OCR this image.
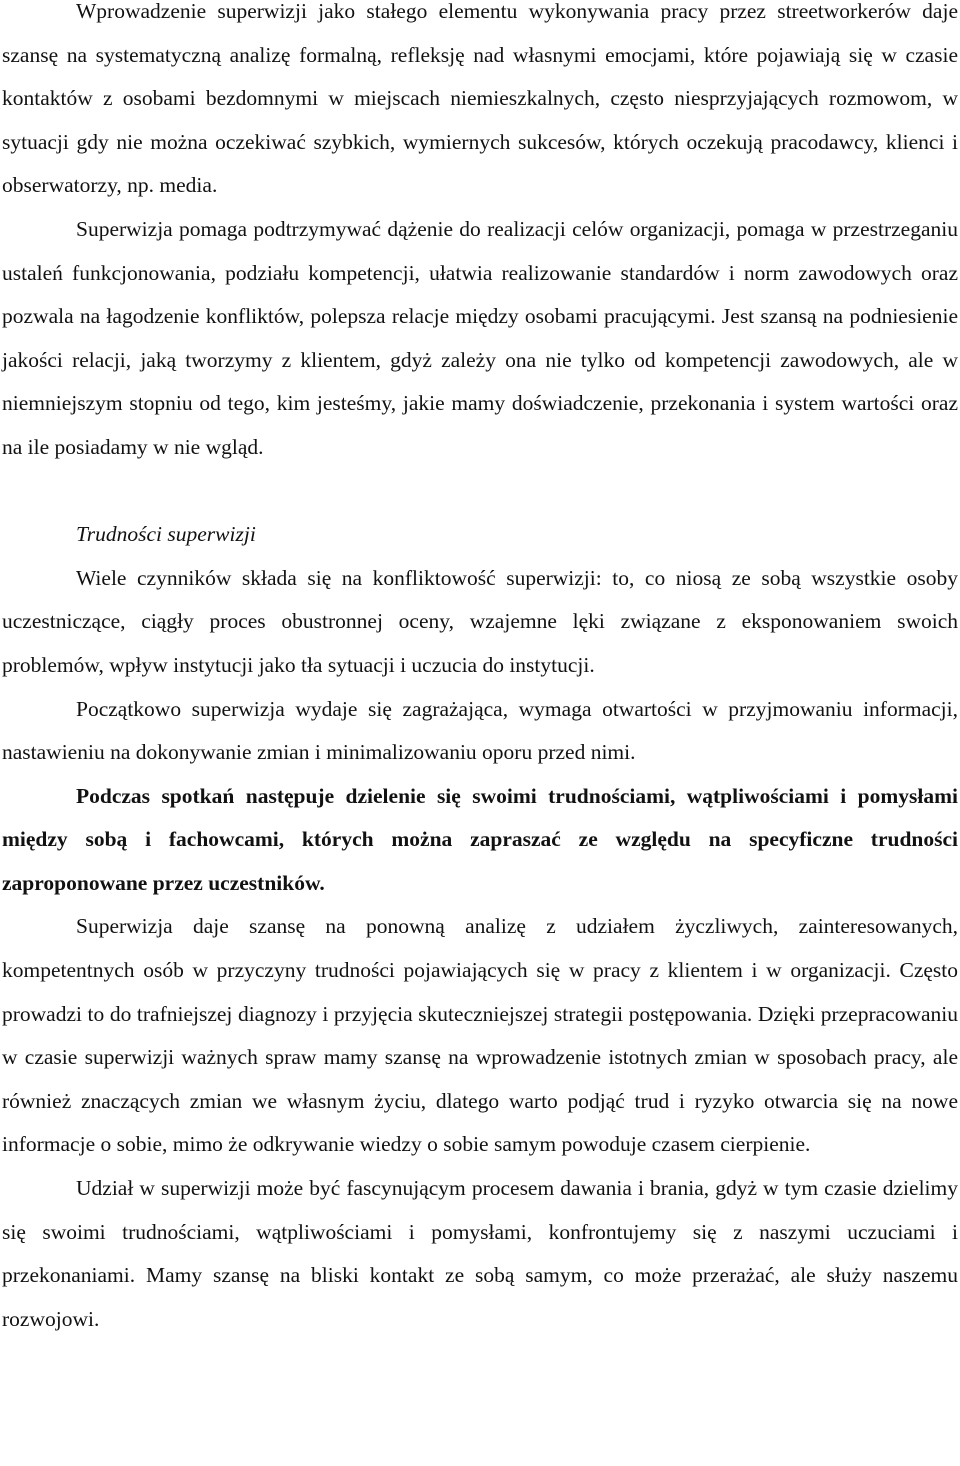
Wprowadzenie superwizji jako stałego elementu wykonywania pracy przez streetworkerów daje szansę na systematyczną analizę formalną, refleksję nad własnymi emocjami, które pojawiają się w czasie kontaktów z osobami bezdomnymi w miejscach niemieszkalnych, często niesprzyjających rozmowom, w sytuacji gdy nie można oczekiwać szybkich, wymiernych sukcesów, których oczekują pracodawcy, klienci i obserwatorzy, np. media.

Superwizja pomaga podtrzymywać dążenie do realizacji celów organizacji, pomaga w przestrzeganiu ustaleń funkcjonowania, podziału kompetencji, ułatwia realizowanie standardów i norm zawodowych oraz pozwala na łagodzenie konfliktów, polepsza relacje między osobami pracującymi. Jest szansą na podniesienie jakości relacji, jaką tworzymy z klientem, gdyż zależy ona nie tylko od kompetencji zawodowych, ale w niemniejszym stopniu od tego, kim jesteśmy, jakie mamy doświadczenie, przekonania i system wartości oraz na ile posiadamy w nie wgląd.

Trudności superwizji

Wiele czynników składa się na konfliktowość superwizji: to, co niosą ze sobą wszystkie osoby uczestniczące, ciągły proces obustronnej oceny, wzajemne lęki związane z eksponowaniem swoich problemów, wpływ instytucji jako tła sytuacji i uczucia do instytucji.

Początkowo superwizja wydaje się zagrażająca, wymaga otwartości w przyjmowaniu informacji, nastawieniu na dokonywanie zmian i minimalizowaniu oporu przed nimi.

Podczas spotkań następuje dzielenie się swoimi trudnościami, wątpliwościami i pomysłami między sobą i fachowcami, których można zapraszać ze względu na specyficzne trudności zaproponowane przez uczestników.

Superwizja daje szansę na ponowną analizę z udziałem życzliwych, zainteresowanych, kompetentnych osób w przyczyny trudności pojawiających się w pracy z klientem i w organizacji. Często prowadzi to do trafniejszej diagnozy i przyjęcia skuteczniejszej strategii postępowania. Dzięki przepracowaniu w czasie superwizji ważnych spraw mamy szansę na wprowadzenie istotnych zmian w sposobach pracy, ale również znaczących zmian we własnym życiu, dlatego warto podjąć trud i ryzyko otwarcia się na nowe informacje o sobie, mimo że odkrywanie wiedzy o sobie samym powoduje czasem cierpienie.

Udział w superwizji może być fascynującym procesem dawania i brania, gdyż w tym czasie dzielimy się swoimi trudnościami, wątpliwościami i pomysłami, konfrontujemy się z naszymi uczuciami i przekonaniami. Mamy szansę na bliski kontakt ze sobą samym, co może przerażać, ale służy naszemu rozwojowi.
